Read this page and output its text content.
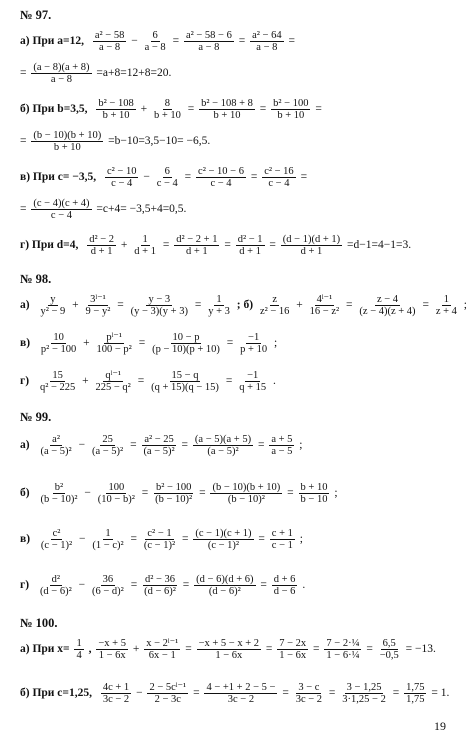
№ 97.
а) При a=12, $\frac{\text{a² − 58}}{a - 8} - \frac{6}{a - 8} = \frac{\text{a² − 58 − 6}}{a - 8} = \frac{\text{a² − 64}}{a - 8}$ =
= $\frac{(a - 8)(a + 8)}{a - 8} =a+8=12+8=20$.
б) При b=3,5, $\frac{\text{b² − 108}}{b + 10} + \frac{8}{b + 10} = \frac{\text{b² − 108 + 8}}{b + 10} = \frac{\text{b² − 100}}{b + 10}$ =
= $\frac{(b - 10)(b + 10)}{b + 10} =b-10=3,5-10= -6,5$.
в) При c= −3,5, $\frac{\text{c² − 10}}{c - 4} - \frac{6}{c - 4} = \frac{\text{c² − 10 − 6}}{c - 4} = \frac{\text{c² − 16}}{c - 4}$ =
= $\frac{(c - 4)(c + 4)}{c - 4} =c+4= -3,5+4=0,5$.
г) При d=4, $\frac{\text{d² − 2}}{d + 1} + \frac{1}{d + 1} = \frac{\text{d² − 2 + 1}}{d + 1} = \frac{\text{d² − 1}}{d + 1} = \frac{(d - 1)(d + 1)}{d + 1} =d-1=4-1=3$.
№ 98.
$а) \frac{y}{\text{y² − 9}} + \frac{\text{3ˡ⁻¹}}{\text{9 − y²}} = \frac{y - 3}{(y - 3)(y + 3)} = \frac{1}{y + 3}$ ; $б) \frac{z}{\text{z² − 16}} + \frac{\text{4ˡ⁻¹}}{\text{16 − z²}} = \frac{z - 4}{(z - 4)(z + 4)} = \frac{1}{z + 4}$ ;
$в) \frac{10}{\text{p² − 100}} + \frac{\text{pˡ⁻¹}}{\text{100 − p²}} = \frac{10 - p}{(p - 10)(p + 10)} = \frac{-1}{p + 10}$ ;
$г) \frac{15}{\text{q² − 225}} + \frac{\text{qˡ⁻¹}}{\text{225 − q²}} = \frac{15 - q}{(q + 15)(q - 15)} = \frac{-1}{q + 15}$ .
№ 99.
$а) \frac{\text{a²}}{\text{(a − 5)²}} - \frac{25}{\text{(a − 5)²}} = \frac{\text{a² − 25}}{\text{(a − 5)²}} = \frac{(a - 5)(a + 5)}{\text{(a − 5)²}} = \frac{a + 5}{a - 5}$ ;
$б) \frac{\text{b²}}{\text{(b − 10)²}} - \frac{100}{\text{(10 − b)²}} = \frac{\text{b² − 100}}{\text{(b − 10)²}} = \frac{(b - 10)(b + 10)}{\text{(b − 10)²}} = \frac{b + 10}{b - 10}$ ;
$в) \frac{\text{c²}}{\text{(c − 1)²}} - \frac{1}{\text{(1 − c)²}} = \frac{\text{c² − 1}}{\text{(c − 1)²}} = \frac{(c - 1)(c + 1)}{\text{(c − 1)²}} = \frac{c + 1}{c - 1}$ ;
$г) \frac{\text{d²}}{\text{(d − 6)²}} - \frac{36}{\text{(6 − d)²}} = \frac{\text{d² − 36}}{\text{(d − 6)²}} = \frac{(d - 6)(d + 6)}{\text{(d − 6)²}} = \frac{d + 6}{d - 6}$ .
№ 100.
а) При $x= \frac{1}{4}$ , $\frac{-x + 5}{1 - 6x} + \frac{\text{x − 2ˡ⁻¹}}{6x - 1} = \frac{-x + 5 - x + 2}{1 - 6x} = \frac{7 - 2x}{1 - 6x} = \frac{\text{7 − 2·¼}}{\text{1 − 6·¼}} = \frac{6,5}{-0,5} = -13$.
б) При c=1,25, $\frac{4c + 1}{3c - 2} - \frac{\text{2 − 5cˡ⁻¹}}{2 - 3c} = \frac{4 - +1 + 2 - 5 -}{3c - 2} = \frac{3 - c}{3c - 2} = \frac{3 - 1,25}{3\cdot 1,25 - 2} = \frac{1,75}{1,75} = 1$.
19
